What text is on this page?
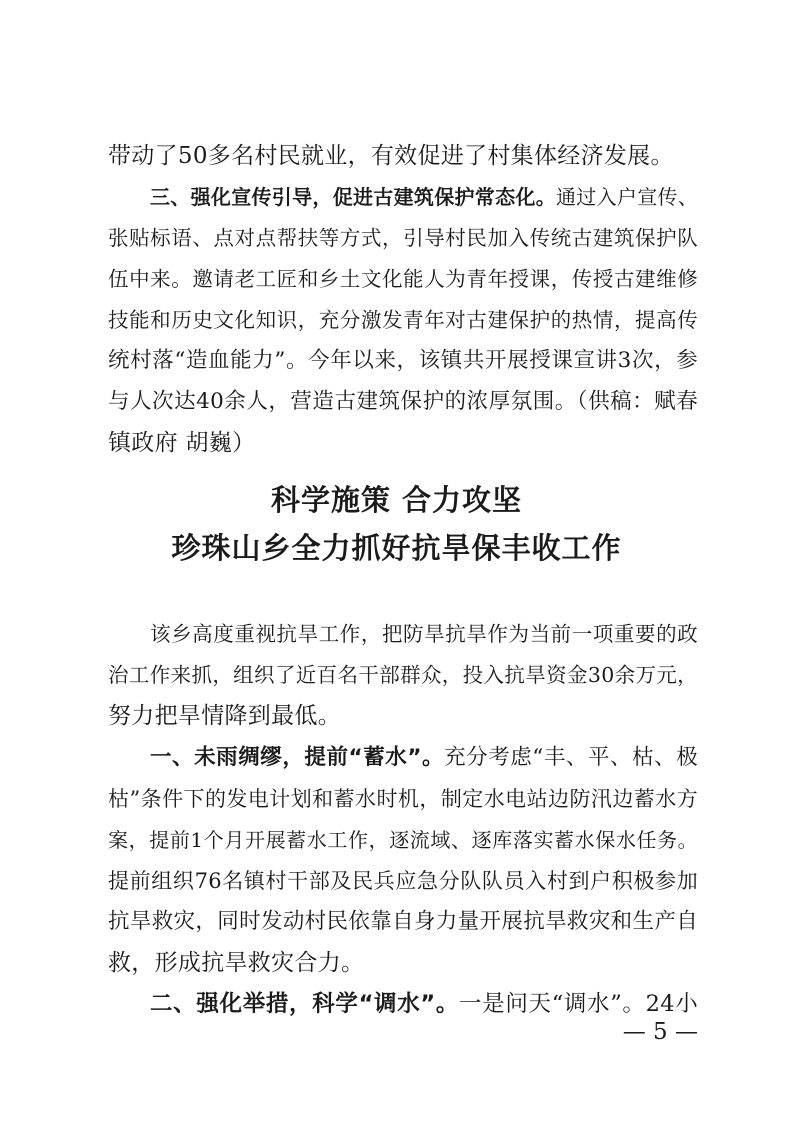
带动了50多名村民就业，有效促进了村集体经济发展。
三、强化宣传引导，促进古建筑保护常态化。通过入户宣传、
张贴标语、点对点帮扶等方式，引导村民加入传统古建筑保护队
伍中来。邀请老工匠和乡土文化能人为青年授课，传授古建维修
技能和历史文化知识，充分激发青年对古建保护的热情，提高传
统村落“造血能力”。今年以来，该镇共开展授课宣讲3次，参
与人次达40余人，营造古建筑保护的浓厚氛围。（供稿：赋春
镇政府 胡巍）
科学施策 合力攻坚
珍珠山乡全力抓好抗旱保丰收工作
该乡高度重视抗旱工作，把防旱抗旱作为当前一项重要的政
治工作来抓，组织了近百名干部群众，投入抗旱资金30余万元，
努力把旱情降到最低。
一、未雨绸缪，提前“蓄水”。充分考虑“丰、平、枯、极
枯”条件下的发电计划和蓄水时机，制定水电站边防汛边蓄水方
案，提前1个月开展蓄水工作，逐流域、逐库落实蓄水保水任务。
提前组织76名镇村干部及民兵应急分队队员入村到户积极参加
抗旱救灾，同时发动村民依靠自身力量开展抗旱救灾和生产自
救，形成抗旱救灾合力。
二、强化举措，科学“调水”。一是问天“调水”。24小
— 5 —
